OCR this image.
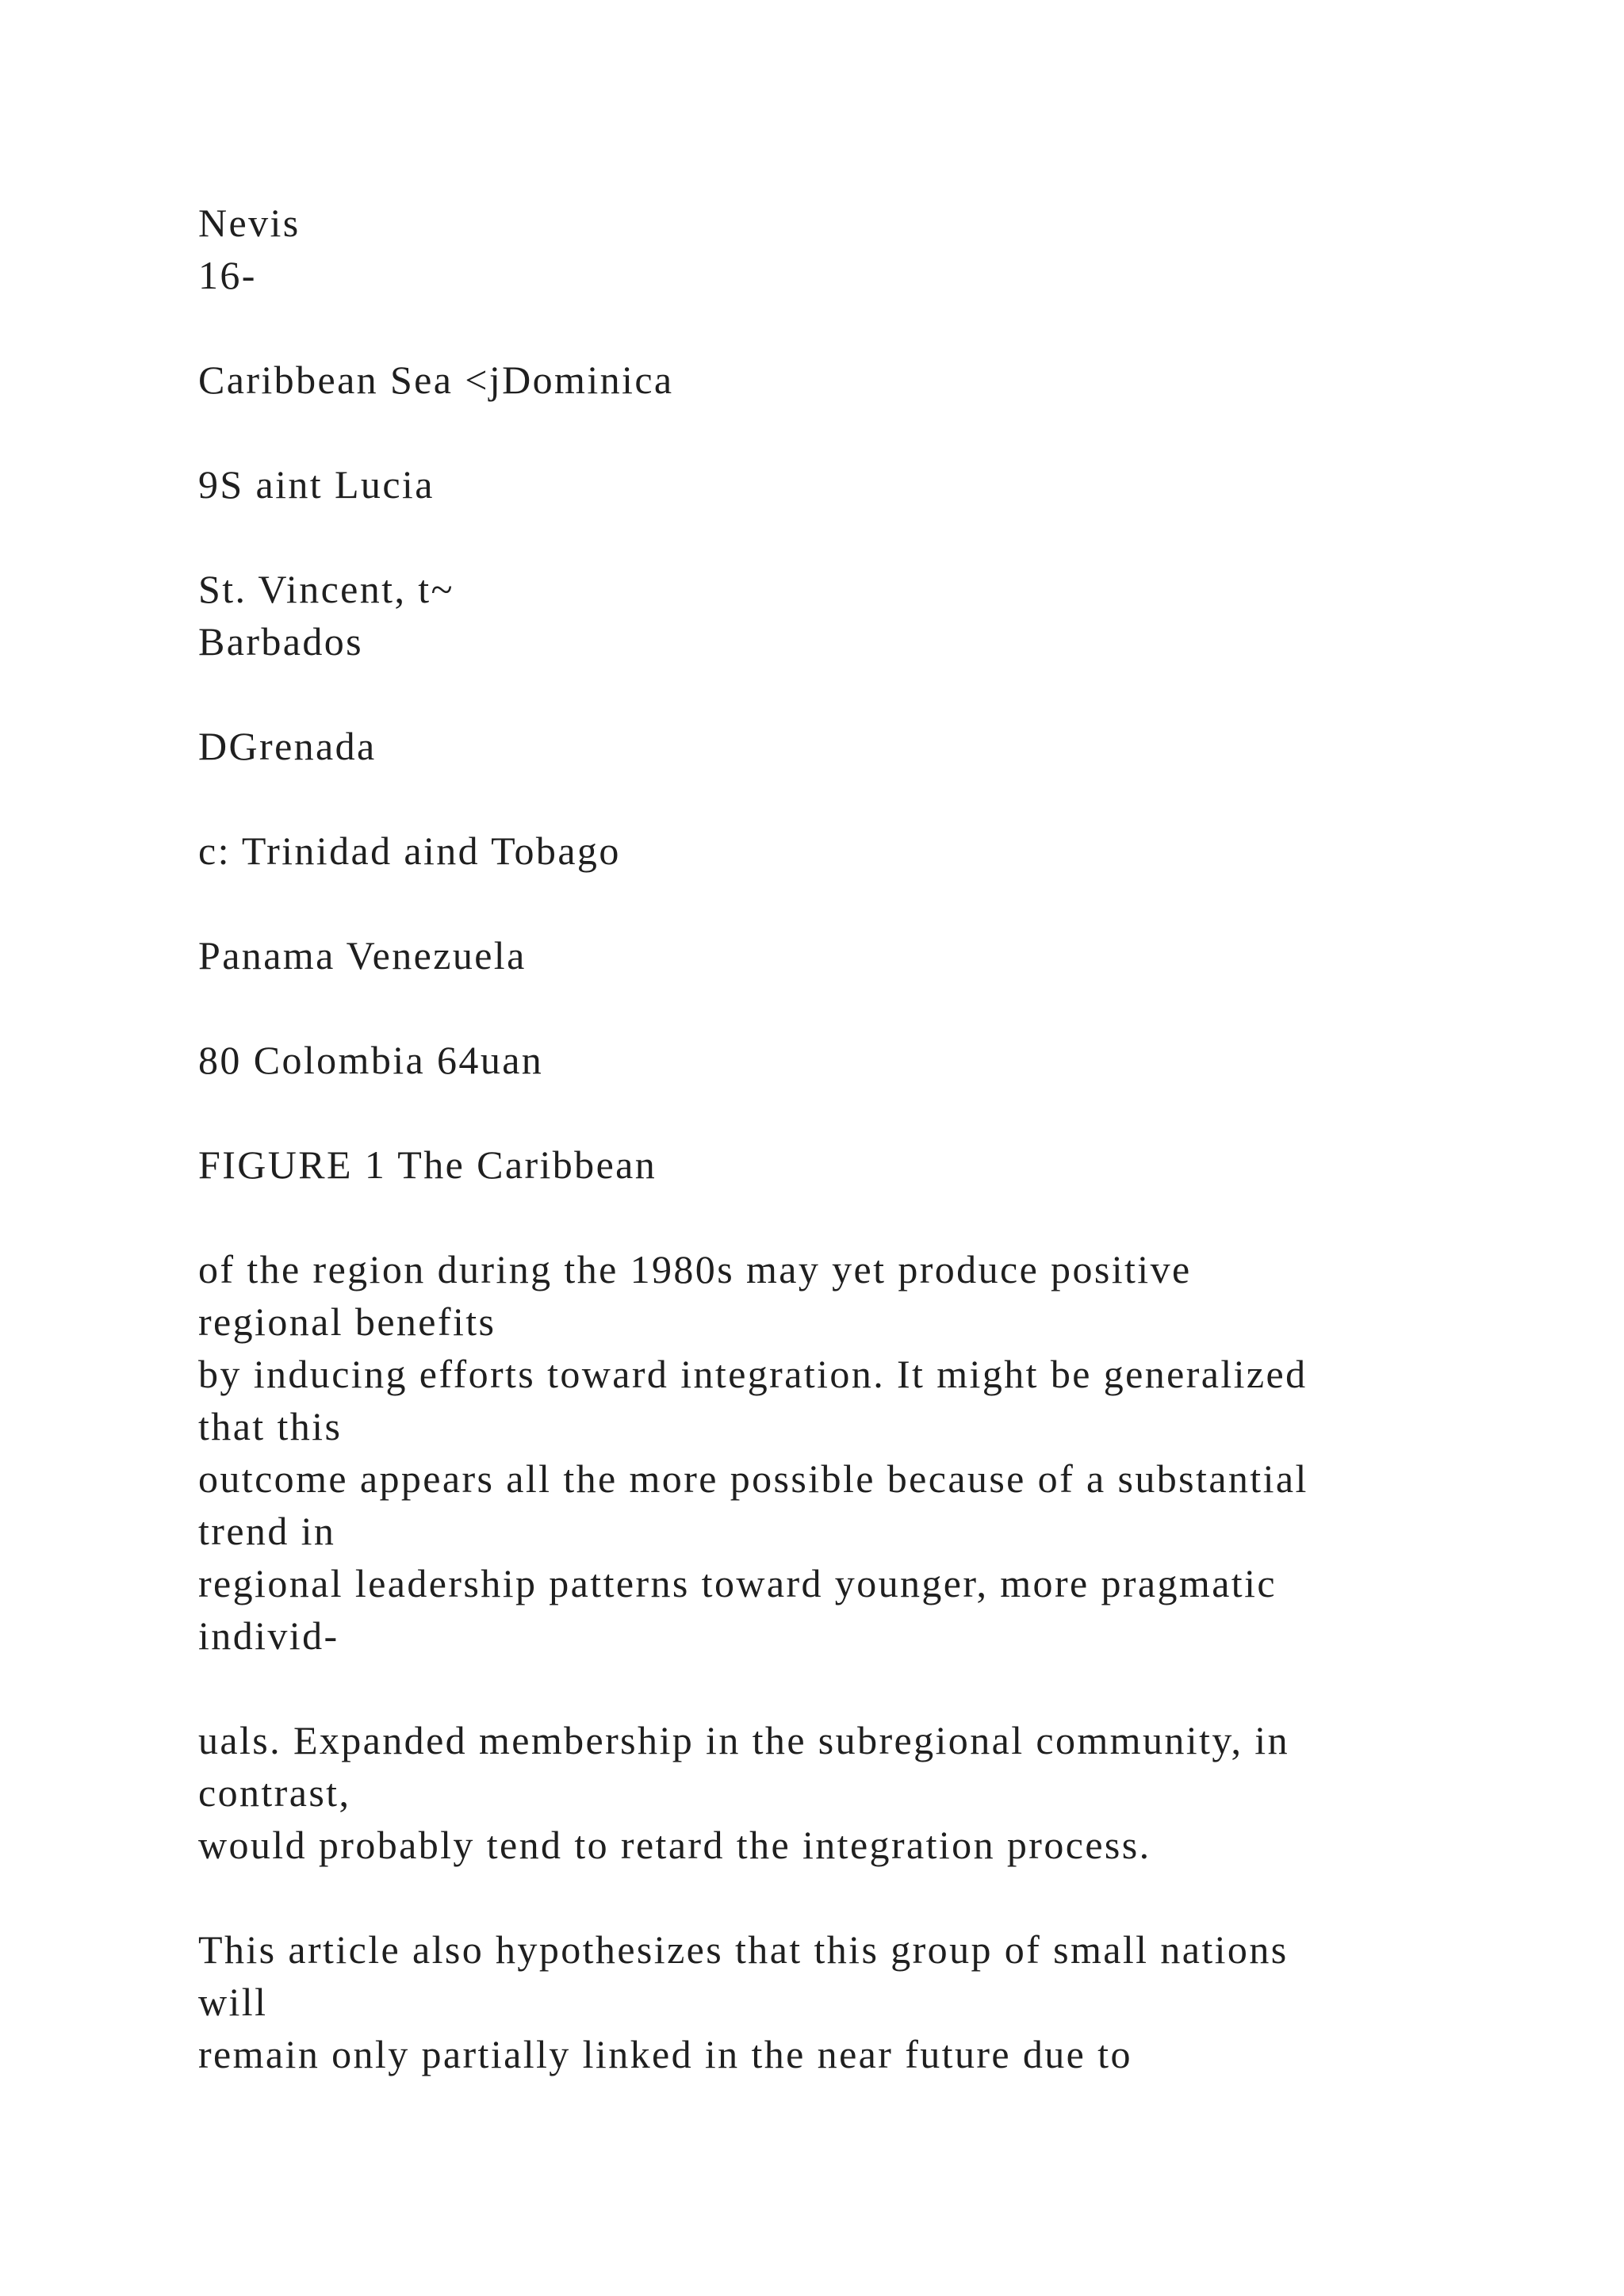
Nevis
16-
Caribbean Sea <jDominica
9S aint Lucia
St. Vincent, t~
Barbados
DGrenada
c: Trinidad aind Tobago
Panama Venezuela
80 Colombia 64uan
FIGURE 1 The Caribbean
of the region during the 1980s may yet produce positive
regional benefits
by inducing efforts toward integration. It might be generalized
that this
outcome appears all the more possible because of a substantial
trend in
regional leadership patterns toward younger, more pragmatic
individ-
uals. Expanded membership in the subregional community, in
contrast,
would probably tend to retard the integration process.
This article also hypothesizes that this group of small nations
will
remain only partially linked in the near future due to
